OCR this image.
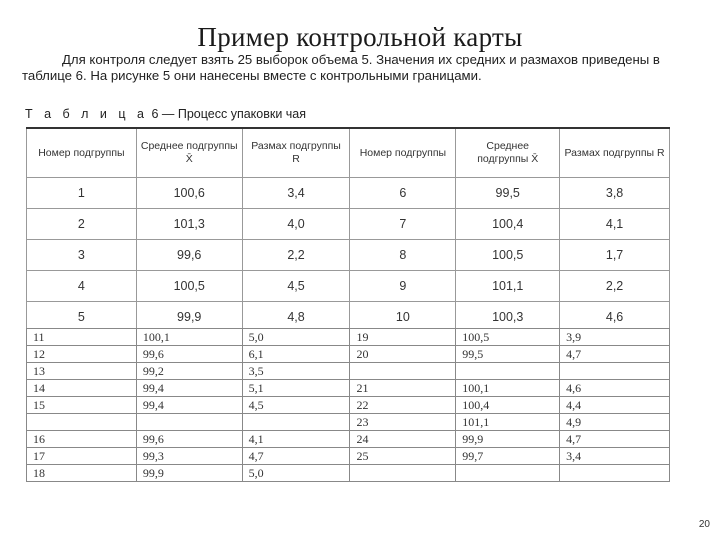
Пример контрольной карты
Для контроля следует взять 25 выборок объема 5. Значения их средних и размахов приведены в таблице 6. На рисунке 5 они нанесены вместе с контрольными границами.
Т а б л и ц а 6 — Процесс упаковки чая
Номер подгруппы	Среднее подгруппы X̄	Размах подгруппы R	Номер подгруппы	Среднее подгруппы X̄	Размах подгруппы R
1	100,6	3,4	6	99,5	3,8
2	101,3	4,0	7	100,4	4,1
3	99,6	2,2	8	100,5	1,7
4	100,5	4,5	9	101,1	2,2
5	99,9	4,8	10	100,3	4,6
11	100,1	5,0	19	100,5	3,9
12	99,6	6,1	20	99,5	4,7
13	99,2	3,5			
14	99,4	5,1	21	100,1	4,6
15	99,4	4,5	22	100,4	4,4
			23	101,1	4,9
16	99,6	4,1	24	99,9	4,7
17	99,3	4,7	25	99,7	3,4
18	99,9	5,0			
20
